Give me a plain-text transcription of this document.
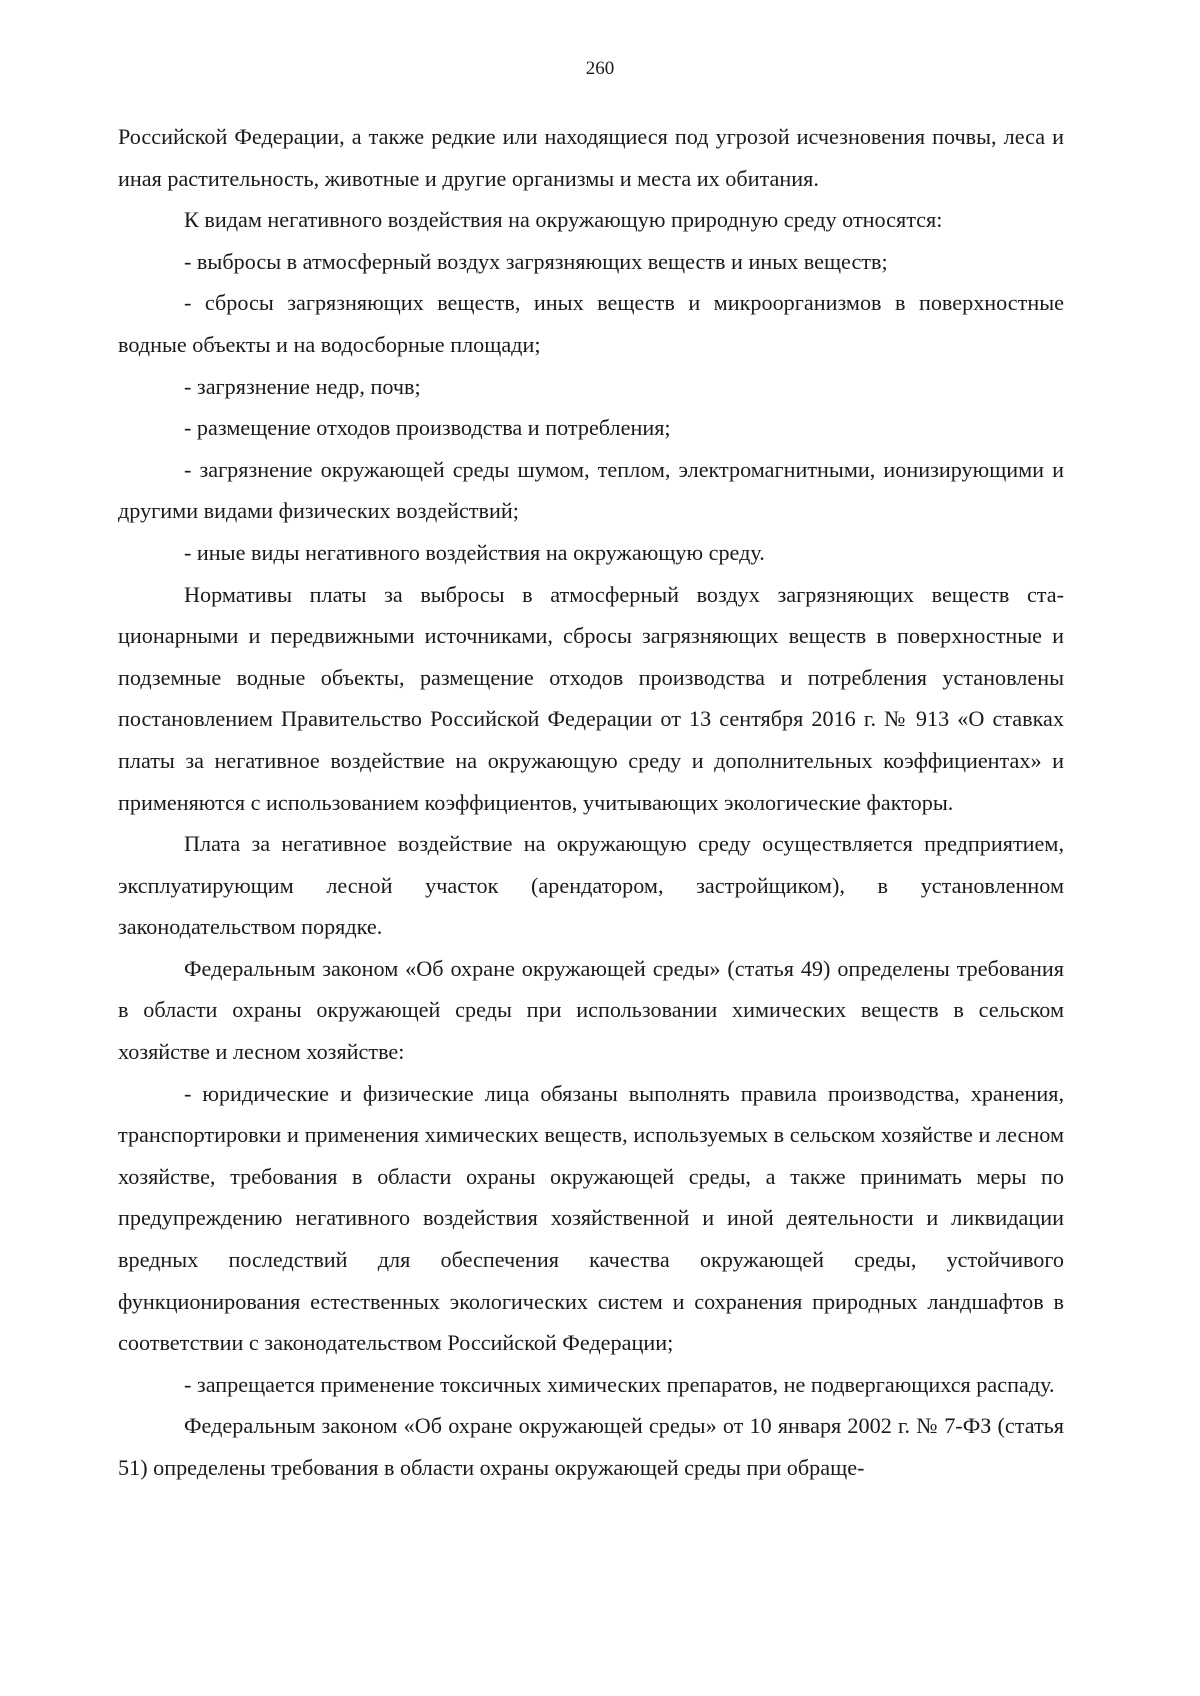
260

Российской Федерации, а также редкие или находящиеся под угрозой исчезновения почвы, леса и иная растительность, животные и другие организмы и места их обитания.

К видам негативного воздействия на окружающую природную среду относятся:

- выбросы в атмосферный воздух загрязняющих веществ и иных веществ;

- сбросы загрязняющих веществ, иных веществ и микроорганизмов в поверхностные водные объекты и на водосборные площади;

- загрязнение недр, почв;

- размещение отходов производства и потребления;

- загрязнение окружающей среды шумом, теплом, электромагнитными, ионизирующими и другими видами физических воздействий;

- иные виды негативного воздействия на окружающую среду.

Нормативы платы за выбросы в атмосферный воздух загрязняющих веществ стационарными и передвижными источниками, сбросы загрязняющих веществ в поверхностные и подземные водные объекты, размещение отходов производства и потребления установлены постановлением Правительство Российской Федерации от 13 сентября 2016 г. № 913 «О ставках платы за негативное воздействие на окружающую среду и дополнительных коэффициентах» и применяются с использованием коэффициентов, учитывающих экологические факторы.

Плата за негативное воздействие на окружающую среду осуществляется предприятием, эксплуатирующим лесной участок (арендатором, застройщиком), в установленном законодательством порядке.

Федеральным законом «Об охране окружающей среды» (статья 49) определены требования в области охраны окружающей среды при использовании химических веществ в сельском хозяйстве и лесном хозяйстве:

- юридические и физические лица обязаны выполнять правила производства, хранения, транспортировки и применения химических веществ, используемых в сельском хозяйстве и лесном хозяйстве, требования в области охраны окружающей среды, а также принимать меры по предупреждению негативного воздействия хозяйственной и иной деятельности и ликвидации вредных последствий для обеспечения качества окружающей среды, устойчивого функционирования естественных экологических систем и сохранения природных ландшафтов в соответствии с законодательством Российской Федерации;

- запрещается применение токсичных химических препаратов, не подвергающихся распаду.

Федеральным законом «Об охране окружающей среды» от 10 января 2002 г. № 7-ФЗ (статья 51) определены требования в области охраны окружающей среды при обраще-
